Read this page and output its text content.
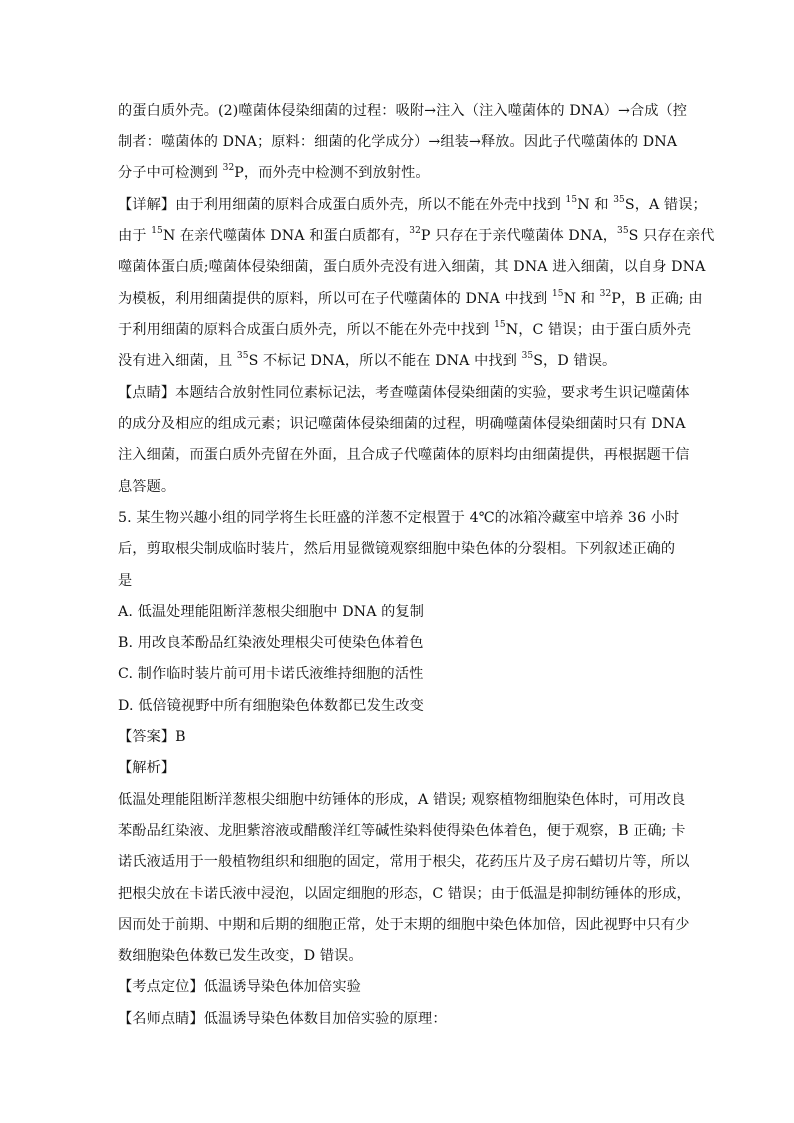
的蛋白质外壳。(2)噬菌体侵染细菌的过程：吸附→注入（注入噬菌体的 DNA）→合成（控
制者：噬菌体的 DNA；原料：细菌的化学成分）→组装→释放。因此子代噬菌体的 DNA
分子中可检测到 $^{32}$P，而外壳中检测不到放射性。
【详解】由于利用细菌的原料合成蛋白质外壳，所以不能在外壳中找到 $^{15}$N 和 $^{35}$S，A 错误；
由于 $^{15}$N 在亲代噬菌体 DNA 和蛋白质都有，$^{32}$P 只存在于亲代噬菌体 DNA，$^{35}$S 只存在亲代
噬菌体蛋白质;噬菌体侵染细菌，蛋白质外壳没有进入细菌，其 DNA 进入细菌，以自身 DNA
为模板，利用细菌提供的原料，所以可在子代噬菌体的 DNA 中找到 $^{15}$N 和 $^{32}$P，B 正确; 由
于利用细菌的原料合成蛋白质外壳，所以不能在外壳中找到 $^{15}$N，C 错误；由于蛋白质外壳
没有进入细菌，且 $^{35}$S 不标记 DNA，所以不能在 DNA 中找到 $^{35}$S，D 错误。
【点睛】本题结合放射性同位素标记法，考查噬菌体侵染细菌的实验，要求考生识记噬菌体
的成分及相应的组成元素；识记噬菌体侵染细菌的过程，明确噬菌体侵染细菌时只有 DNA
注入细菌，而蛋白质外壳留在外面，且合成子代噬菌体的原料均由细菌提供，再根据题干信
息答题。
5. 某生物兴趣小组的同学将生长旺盛的洋葱不定根置于 4℃的冰箱冷藏室中培养 36 小时
后，剪取根尖制成临时装片，然后用显微镜观察细胞中染色体的分裂相。下列叙述正确的
是
A. 低温处理能阻断洋葱根尖细胞中 DNA 的复制
B. 用改良苯酚品红染液处理根尖可使染色体着色
C. 制作临时装片前可用卡诺氏液维持细胞的活性
D. 低倍镜视野中所有细胞染色体数都已发生改变
【答案】B
【解析】
低温处理能阻断洋葱根尖细胞中纺锤体的形成，A 错误; 观察植物细胞染色体时，可用改良
苯酚品红染液、龙胆紫溶液或醋酸洋红等碱性染料使得染色体着色，便于观察，B 正确; 卡
诺氏液适用于一般植物组织和细胞的固定，常用于根尖，花药压片及子房石蜡切片等，所以
把根尖放在卡诺氏液中浸泡，以固定细胞的形态，C 错误；由于低温是抑制纺锤体的形成，
因而处于前期、中期和后期的细胞正常，处于末期的细胞中染色体加倍，因此视野中只有少
数细胞染色体数已发生改变，D 错误。
【考点定位】低温诱导染色体加倍实验
【名师点睛】低温诱导染色体数目加倍实验的原理：
